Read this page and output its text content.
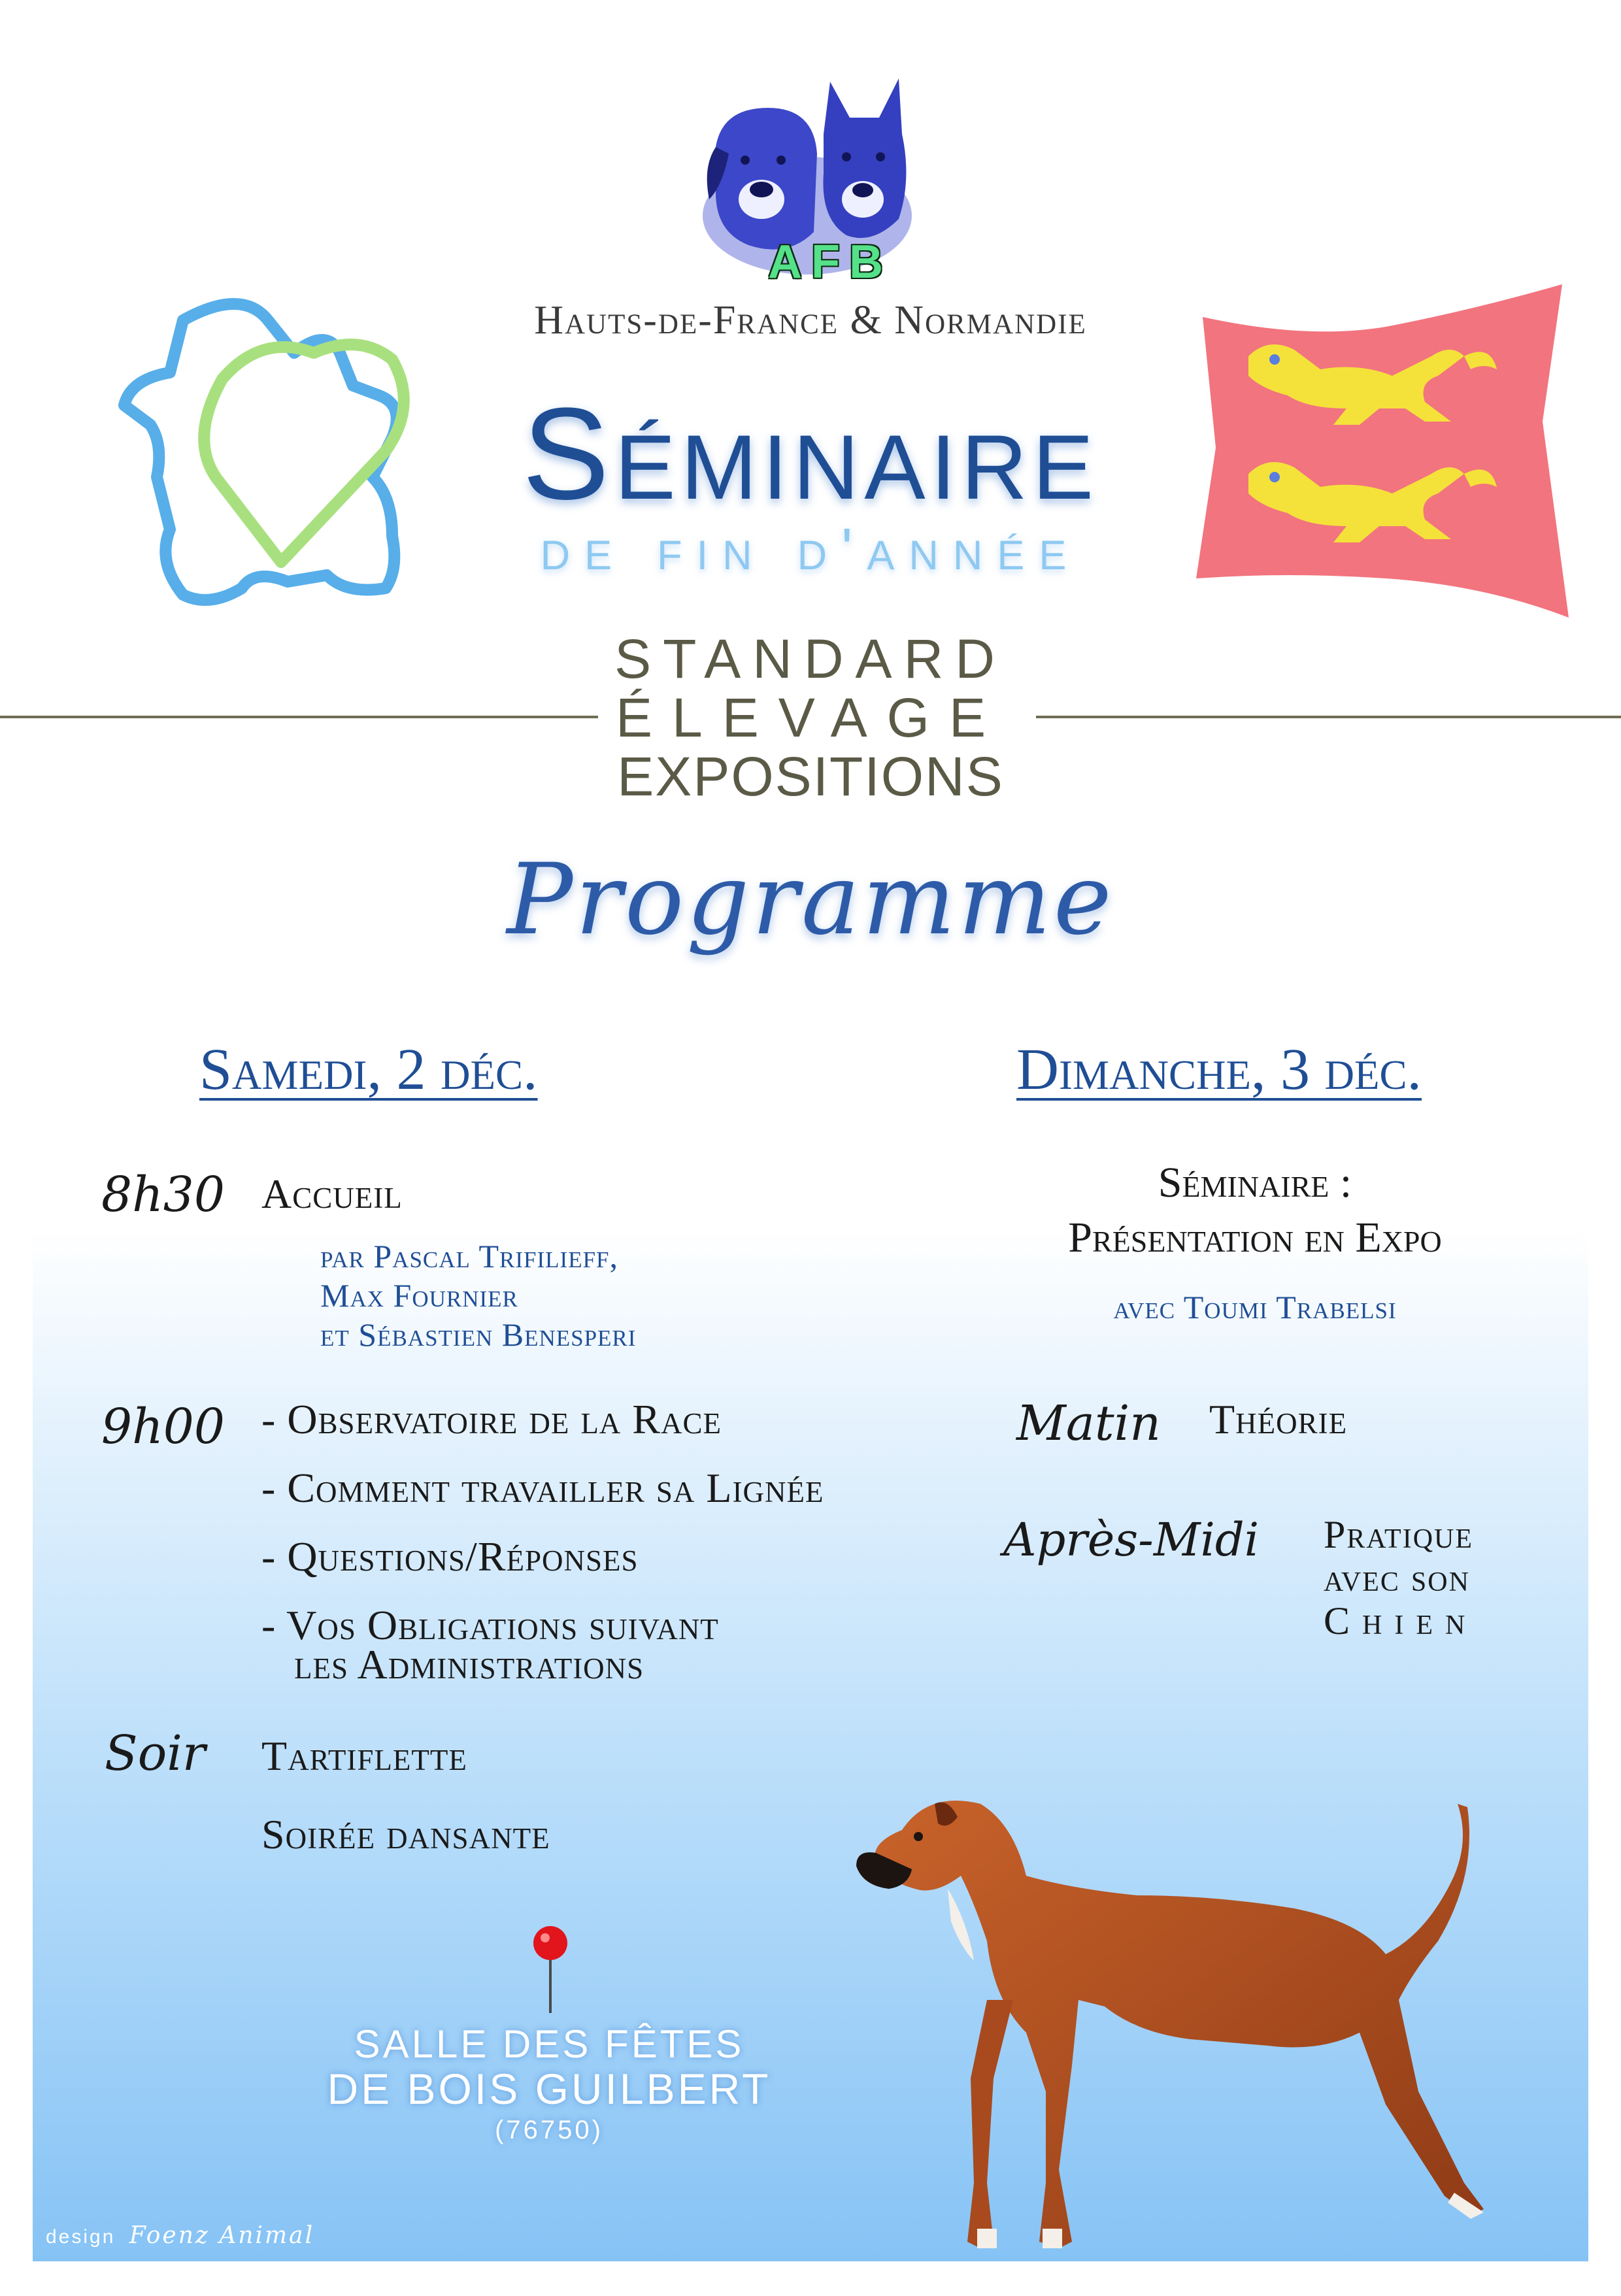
AFB
Hauts-de-France & Normandie
Séminaire
de fin d'année
STANDARD
ÉLEVAGE
EXPOSITIONS
Programme
Samedi, 2 déc.
8h30 Accueil
par Pascal Trifilieff,
Max Fournier
et Sébastien Benesperi
9h00 - Observatoire de la Race
- Comment travailler sa Lignée
- Questions/Réponses
- Vos Obligations suivant
les Administrations
Soir Tartiflette
Soirée dansante
Dimanche, 3 déc.
Séminaire :
Présentation en Expo
avec Toumi Trabelsi
Matin Théorie
Après-Midi Pratique
avec son
C h i e n
SALLE DES FÊTES
DE BOIS GUILBERT
(76750)
design Foenz Animal
